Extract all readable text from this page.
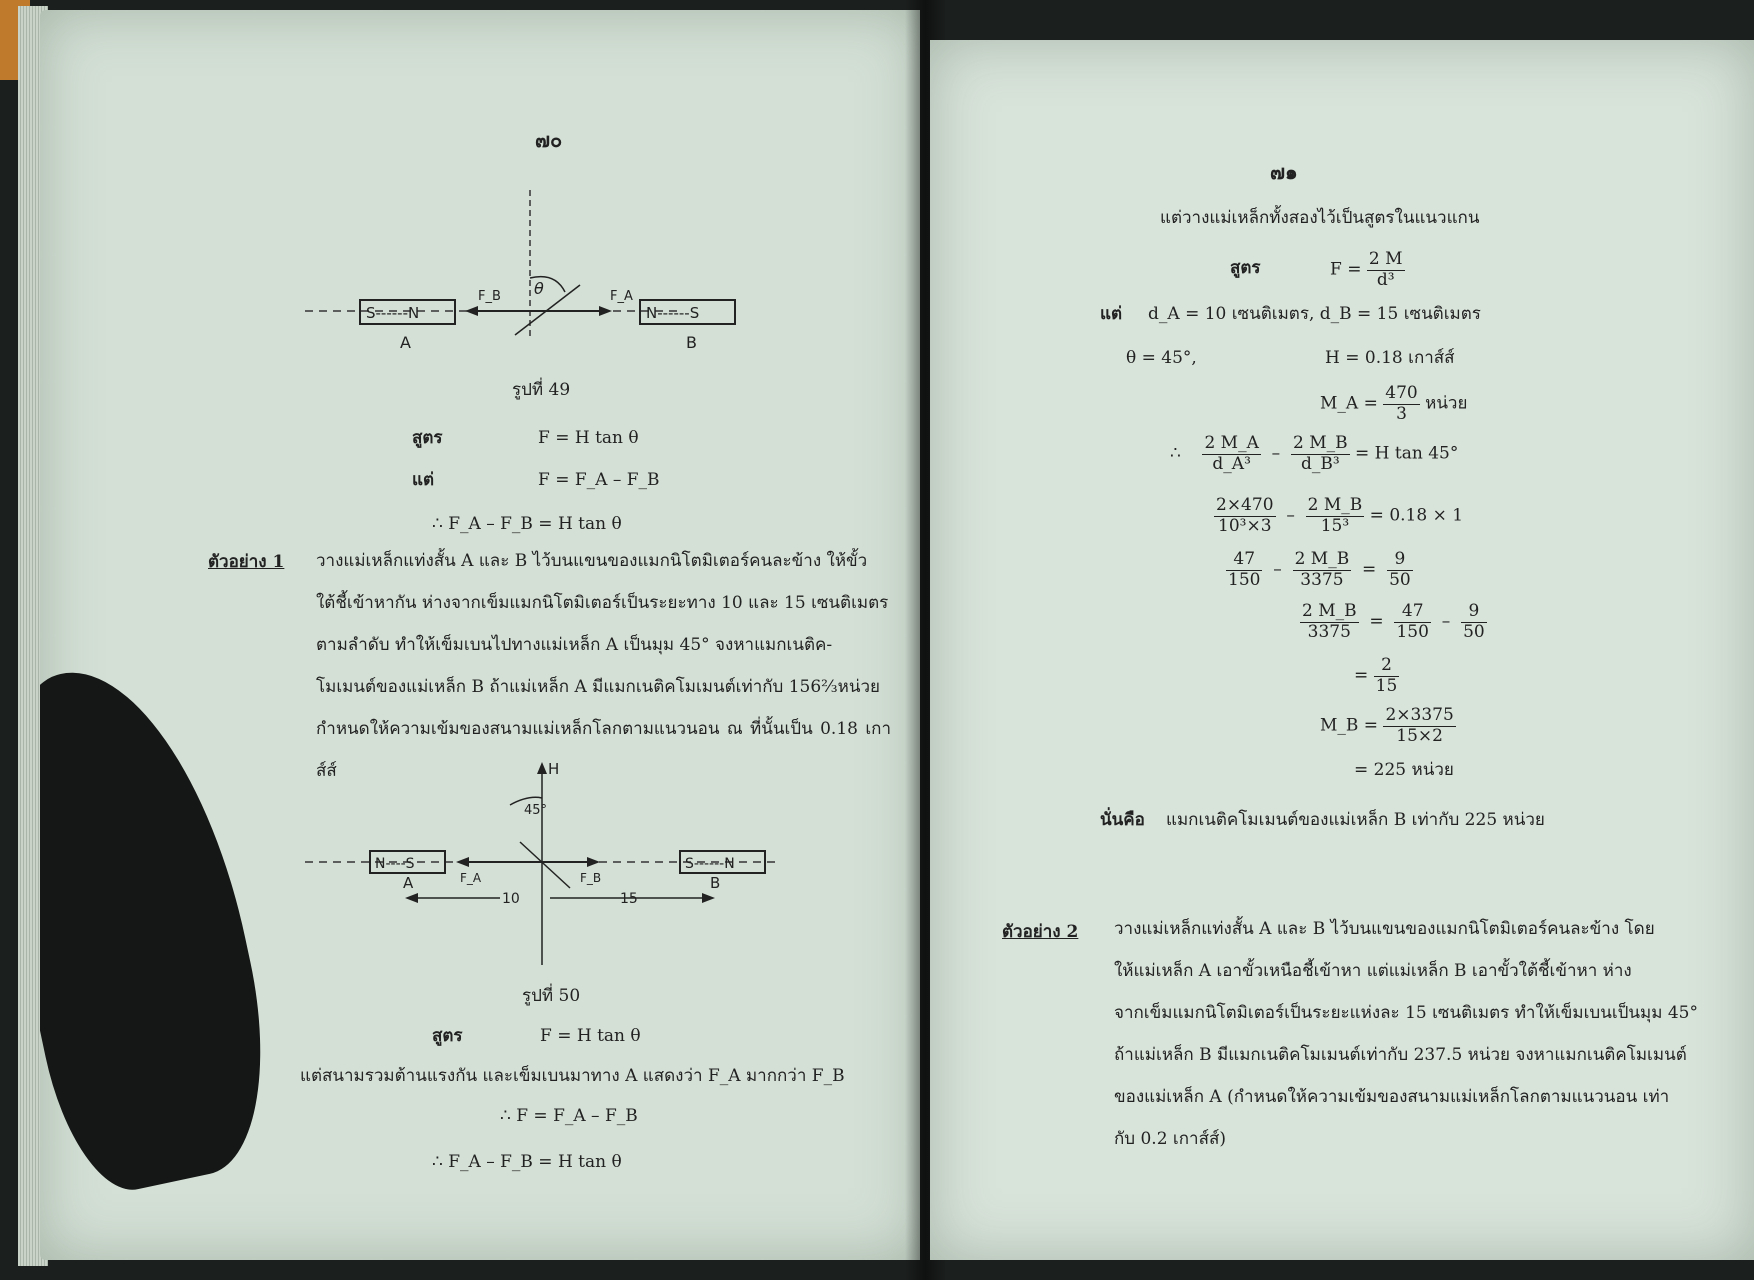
๗๐
S------N	N------S
A	B
F_B	F_A
θ
รูปที่ 49
สูตร	F = H tan θ
แต่	F = F_A – F_B
∴ F_A – F_B = H tan θ
ตัวอย่าง 1 วางแม่เหล็กแท่งสั้น A และ B ไว้บนแขนของแมกนิโตมิเตอร์คนละข้าง ให้ขั้ว
ใต้ชี้เข้าหากัน ห่างจากเข็มแมกนิโตมิเตอร์เป็นระยะทาง 10 และ 15 เซนติเมตร
ตามลำดับ ทำให้เข็มเบนไปทางแม่เหล็ก A เป็นมุม 45° จงหาแมกเนติค-
โมเมนต์ของแม่เหล็ก B ถ้าแม่เหล็ก A มีแมกเนติคโมเมนต์เท่ากับ 156⅔หน่วย
กำหนดให้ความเข้มของสนามแม่เหล็กโลกตามแนวนอน ณ ที่นั้นเป็น 0.18 เกาส์ส์	H
45°
N----S	S------N
A	B
F_A	F_B
10	15
รูปที่ 50
สูตร	F = H tan θ
แต่สนามรวมต้านแรงกัน และเข็มเบนมาทาง A แสดงว่า F_A มากกว่า F_B
∴ F = F_A – F_B
∴ F_A – F_B = H tan θ
๗๑
แต่วางแม่เหล็กทั้งสองไว้เป็นสูตรในแนวแกน
สูตร	$F = \frac{2 M}{\text{d³}}$
แต่ d_A = 10 เซนติเมตร, d_B = 15 เซนติเมตร
θ = 45°,	H = 0.18 เกาส์ส์
M_A = $\frac{470}{3}$ หน่วย
∴ $\frac{2 M\_A}{\text{d\_A³}} - \frac{2 M\_B}{\text{d\_B³}} = H$ tan 45°
$\frac{2\times 470}{\text{10³×3}} - \frac{2 M\_B}{\text{15³}} = 0.18 \times 1$
$\frac{47}{150} - \frac{2 M\_B}{3375} = \frac{9}{50}$
$\frac{2 M\_B}{3375} = \frac{47}{150} - \frac{9}{50}$
= $\frac{2}{15}$
M_B = $\frac{2\times 3375}{15\times 2}$
= 225 หน่วย
นั่นคือ แมกเนติคโมเมนต์ของแม่เหล็ก B เท่ากับ 225 หน่วย
ตัวอย่าง 2 วางแม่เหล็กแท่งสั้น A และ B ไว้บนแขนของแมกนิโตมิเตอร์คนละข้าง โดย
ให้แม่เหล็ก A เอาขั้วเหนือชี้เข้าหา แต่แม่เหล็ก B เอาขั้วใต้ชี้เข้าหา ห่าง
จากเข็มแมกนิโตมิเตอร์เป็นระยะแห่งละ 15 เซนติเมตร ทำให้เข็มเบนเป็นมุม 45°
ถ้าแม่เหล็ก B มีแมกเนติคโมเมนต์เท่ากับ 237.5 หน่วย จงหาแมกเนติคโมเมนต์
ของแม่เหล็ก A (กำหนดให้ความเข้มของสนามแม่เหล็กโลกตามแนวนอน เท่า
กับ 0.2 เกาส์ส์)
